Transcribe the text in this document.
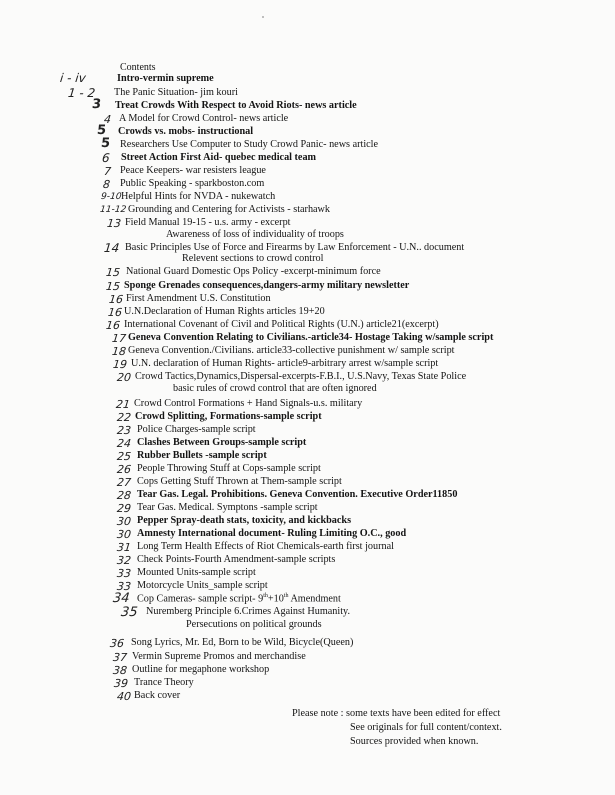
Contents
i - iv	Intro-vermin supreme
1 - 2 The Panic Situation- jim kouri
3 Treat Crowds With Respect to Avoid Riots- news article
4 A Model for Crowd Control- news article
5 Crowds vs. mobs- instructional
5 Researchers Use Computer to Study Crowd Panic- news article
6 Street Action First Aid- quebec medical team
7 Peace Keepers- war resisters league
8 Public Speaking - sparkboston.com
9-10 Helpful Hints for NVDA - nukewatch
11-12 Grounding and Centering for Activists - starhawk
13 Field Manual 19-15 - u.s. army - excerpt
Awareness of loss of individuality of troops
14 Basic Principles Use of Force and Firearms by Law Enforcement - U.N.. document
Relevent sections to crowd control
15 National Guard Domestic Ops Policy -excerpt-minimum force
15 Sponge Grenades consequences,dangers-army military newsletter
16 First Amendment U.S. Constitution
16 U.N.Declaration of Human Rights articles 19+20
16 International Covenant of Civil and Political Rights (U.N.) article21(excerpt)
17 Geneva Convention Relating to Civilians.-article34- Hostage Taking w/sample script
18 Geneva Convention./Civilians. article33-collective punishment w/ sample script
19 U.N. declaration of Human Rights- article9-arbitrary arrest w/sample script
20 Crowd Tactics,Dynamics,Dispersal-excerpts-F.B.I., U.S.Navy, Texas State Police
basic rules of crowd control that are often ignored
21 Crowd Control Formations + Hand Signals-u.s. military
22 Crowd Splitting, Formations-sample script
23 Police Charges-sample script
24 Clashes Between Groups-sample script
25 Rubber Bullets -sample script
26 People Throwing Stuff at Cops-sample script
27 Cops Getting Stuff Thrown at Them-sample script
28 Tear Gas. Legal. Prohibitions. Geneva Convention. Executive Order11850
29 Tear Gas. Medical. Symptons -sample script
30 Pepper Spray-death stats, toxicity, and kickbacks
30 Amnesty International document- Ruling Limiting O.C., good
31 Long Term Health Effects of Riot Chemicals-earth first journal
32 Check Points-Fourth Amendment-sample scripts
33 Mounted Units-sample script
33 Motorcycle Units_sample script
34 Cop Cameras- sample script- 9th+10th Amendment
35 Nuremberg Principle 6.Crimes Against Humanity.
Persecutions on political grounds
36 Song Lyrics, Mr. Ed, Born to be Wild, Bicycle(Queen)
37 Vermin Supreme Promos and merchandise
38 Outline for megaphone workshop
39 Trance Theory
40 Back cover
Please note : some texts have been edited for effect
See originals for full content/context.
Sources provided when known.
